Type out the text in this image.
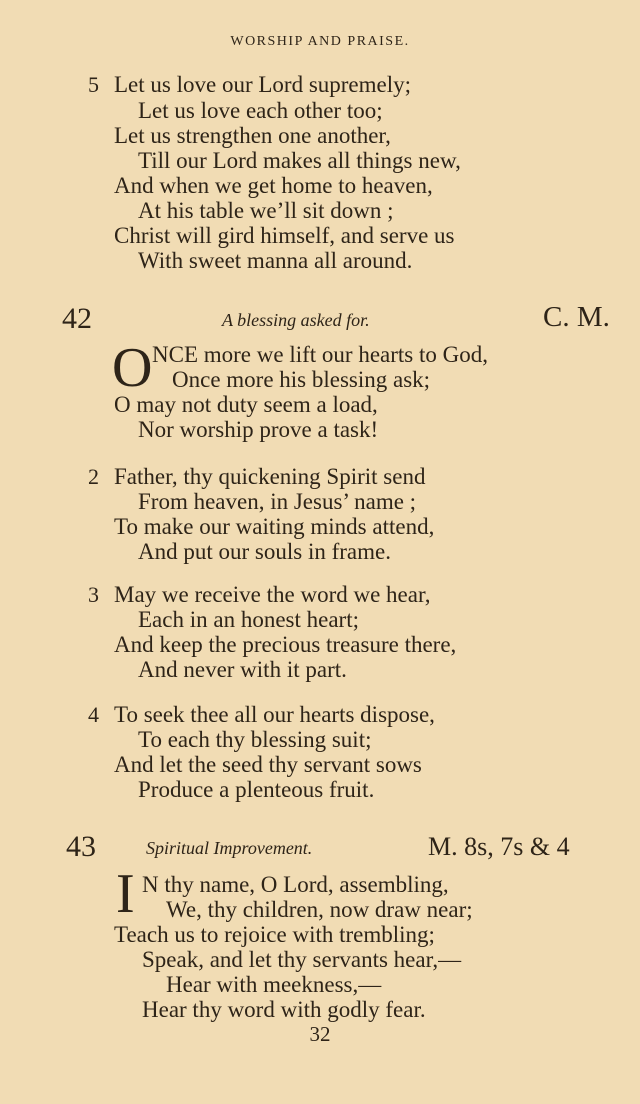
WORSHIP AND PRAISE.
5 Let us love our Lord supremely;
Let us love each other too;
Let us strengthen one another,
Till our Lord makes all things new,
And when we get home to heaven,
At his table we’ll sit down ;
Christ will gird himself, and serve us
With sweet manna all around.
42	A blessing asked for.	C. M.
O NCE more we lift our hearts to God,
Once more his blessing ask;
O may not duty seem a load,
Nor worship prove a task!
2 Father, thy quickening Spirit send
From heaven, in Jesus’ name ;
To make our waiting minds attend,
And put our souls in frame.
3 May we receive the word we hear,
Each in an honest heart;
And keep the precious treasure there,
And never with it part.
4 To seek thee all our hearts dispose,
To each thy blessing suit;
And let the seed thy servant sows
Produce a plenteous fruit.
43	Spiritual Improvement.	M. 8s, 7s & 4
I N thy name, O Lord, assembling,
We, thy children, now draw near;
Teach us to rejoice with trembling;
Speak, and let thy servants hear,—
Hear with meekness,—
Hear thy word with godly fear.
32
